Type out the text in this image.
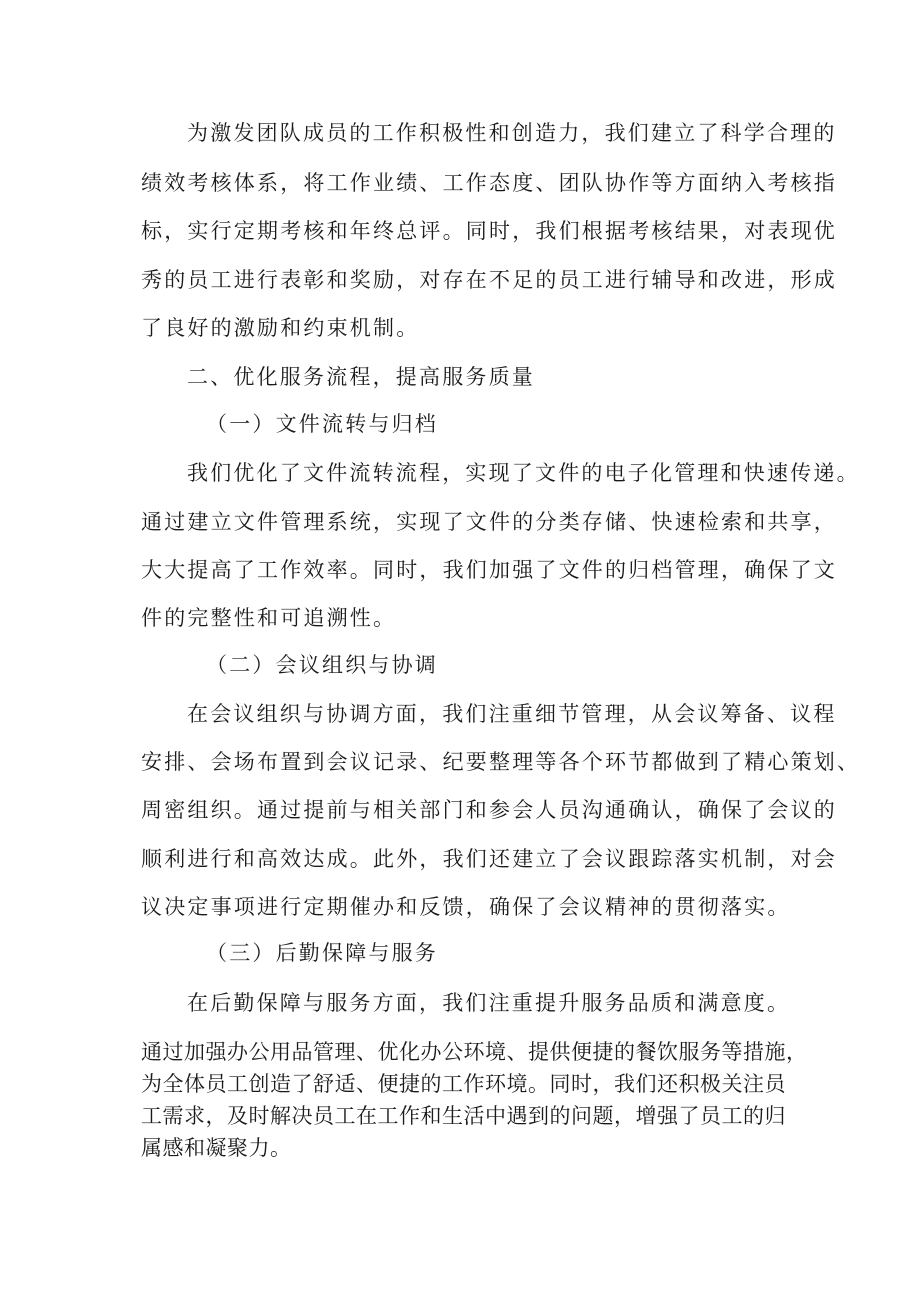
为激发团队成员的工作积极性和创造力，我们建立了科学合理的
绩效考核体系，将工作业绩、工作态度、团队协作等方面纳入考核指
标，实行定期考核和年终总评。同时，我们根据考核结果，对表现优
秀的员工进行表彰和奖励，对存在不足的员工进行辅导和改进，形成
了良好的激励和约束机制。
二、优化服务流程，提高服务质量
（一）文件流转与归档
我们优化了文件流转流程，实现了文件的电子化管理和快速传递。
通过建立文件管理系统，实现了文件的分类存储、快速检索和共享，
大大提高了工作效率。同时，我们加强了文件的归档管理，确保了文
件的完整性和可追溯性。
（二）会议组织与协调
在会议组织与协调方面，我们注重细节管理，从会议筹备、议程
安排、会场布置到会议记录、纪要整理等各个环节都做到了精心策划、
周密组织。通过提前与相关部门和参会人员沟通确认，确保了会议的
顺利进行和高效达成。此外，我们还建立了会议跟踪落实机制，对会
议决定事项进行定期催办和反馈，确保了会议精神的贯彻落实。
（三）后勤保障与服务
在后勤保障与服务方面，我们注重提升服务品质和满意度。
通过加强办公用品管理、优化办公环境、提供便捷的餐饮服务等措施，
为全体员工创造了舒适、便捷的工作环境。同时，我们还积极关注员
工需求，及时解决员工在工作和生活中遇到的问题，增强了员工的归
属感和凝聚力。
